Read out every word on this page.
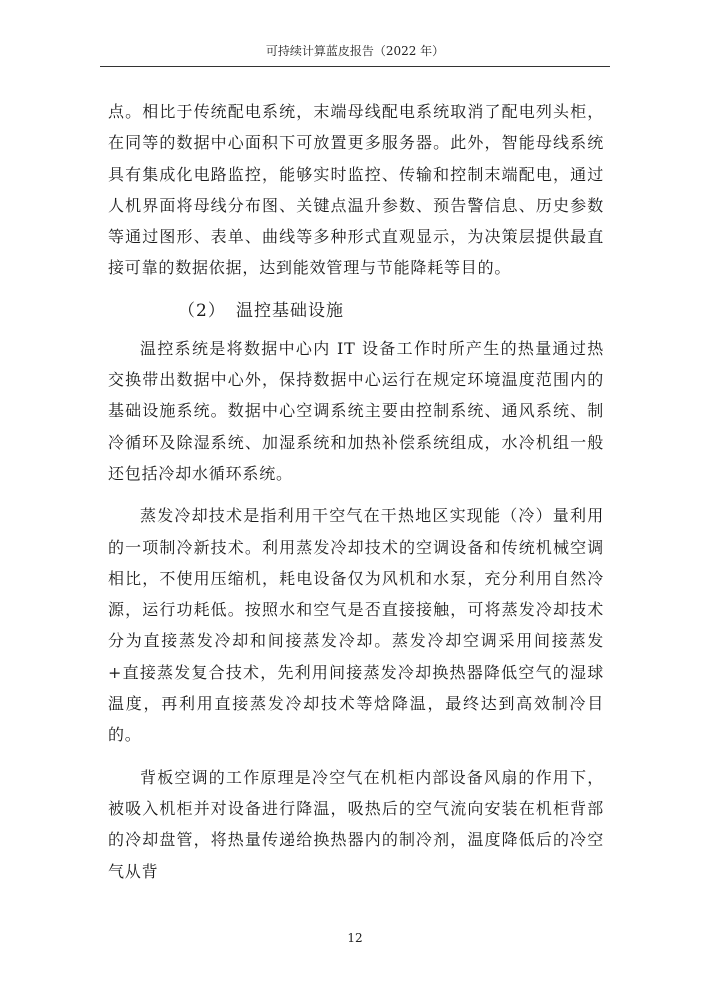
可持续计算蓝皮报告（2022 年）

点。相比于传统配电系统，末端母线配电系统取消了配电列头柜，在同等的数据中心面积下可放置更多服务器。此外，智能母线系统具有集成化电路监控，能够实时监控、传输和控制末端配电，通过人机界面将母线分布图、关键点温升参数、预告警信息、历史参数等通过图形、表单、曲线等多种形式直观显示，为决策层提供最直接可靠的数据依据，达到能效管理与节能降耗等目的。

（2） 温控基础设施

温控系统是将数据中心内 IT 设备工作时所产生的热量通过热交换带出数据中心外，保持数据中心运行在规定环境温度范围内的基础设施系统。数据中心空调系统主要由控制系统、通风系统、制冷循环及除湿系统、加湿系统和加热补偿系统组成，水冷机组一般还包括冷却水循环系统。

蒸发冷却技术是指利用干空气在干热地区实现能（冷）量利用的一项制冷新技术。利用蒸发冷却技术的空调设备和传统机械空调相比，不使用压缩机，耗电设备仅为风机和水泵，充分利用自然冷源，运行功耗低。按照水和空气是否直接接触，可将蒸发冷却技术分为直接蒸发冷却和间接蒸发冷却。蒸发冷却空调采用间接蒸发+直接蒸发复合技术，先利用间接蒸发冷却换热器降低空气的湿球温度，再利用直接蒸发冷却技术等焓降温，最终达到高效制冷目的。

背板空调的工作原理是冷空气在机柜内部设备风扇的作用下，被吸入机柜并对设备进行降温，吸热后的空气流向安装在机柜背部的冷却盘管，将热量传递给换热器内的制冷剂，温度降低后的冷空气从背

12
